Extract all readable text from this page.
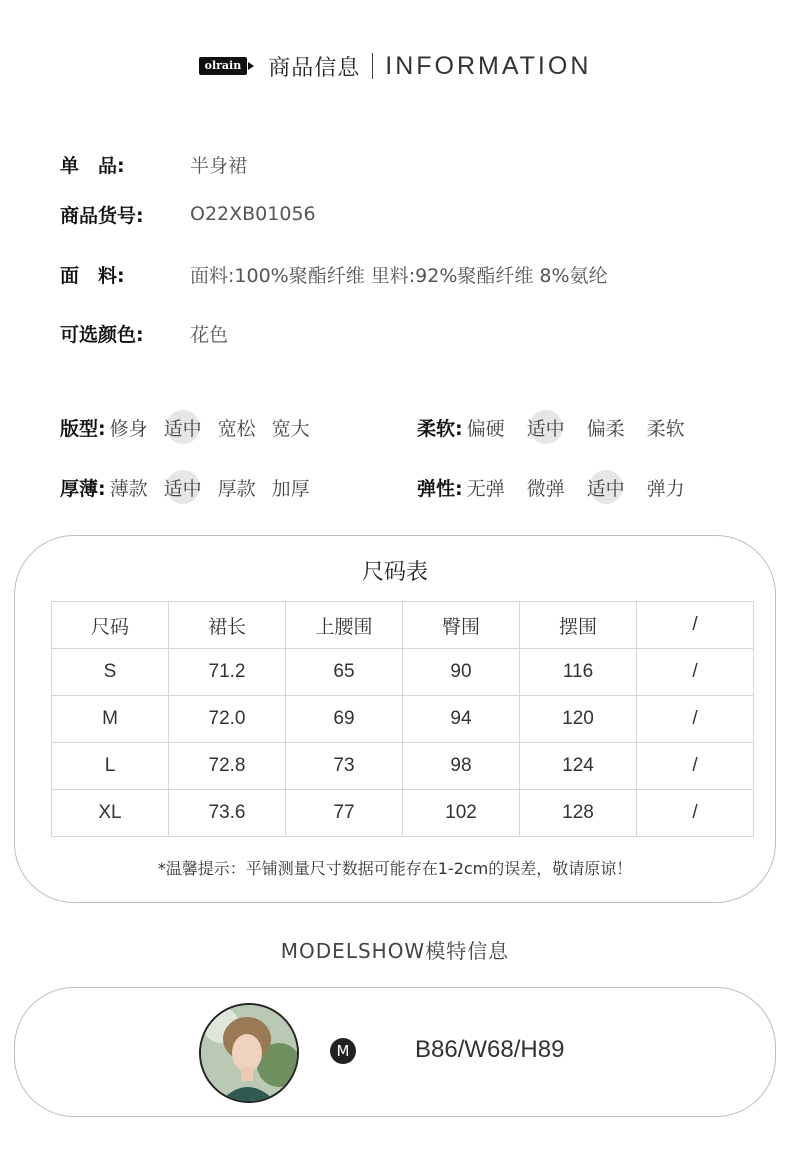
olrain 商品信息 INFORMATION
单　品:	半身裙
商品货号:	O22XB01056
面　料:	面料:100%聚酯纤维 里料:92%聚酯纤维 8%氨纶
可选颜色:	花色
版型: 修身 适中 宽松 宽大	柔软: 偏硬 适中 偏柔 柔软
厚薄: 薄款 适中 厚款 加厚	弹性: 无弹 微弹 适中 弹力
尺码表
尺码	裙长	上腰围	臀围	摆围	/
S	71.2	65	90	116	/
M	72.0	69	94	120	/
L	72.8	73	98	124	/
XL	73.6	77	102	128	/
*温馨提示：平铺测量尺寸数据可能存在1-2cm的误差，敬请原谅！
MODELSHOW模特信息
M	B86/W68/H89
